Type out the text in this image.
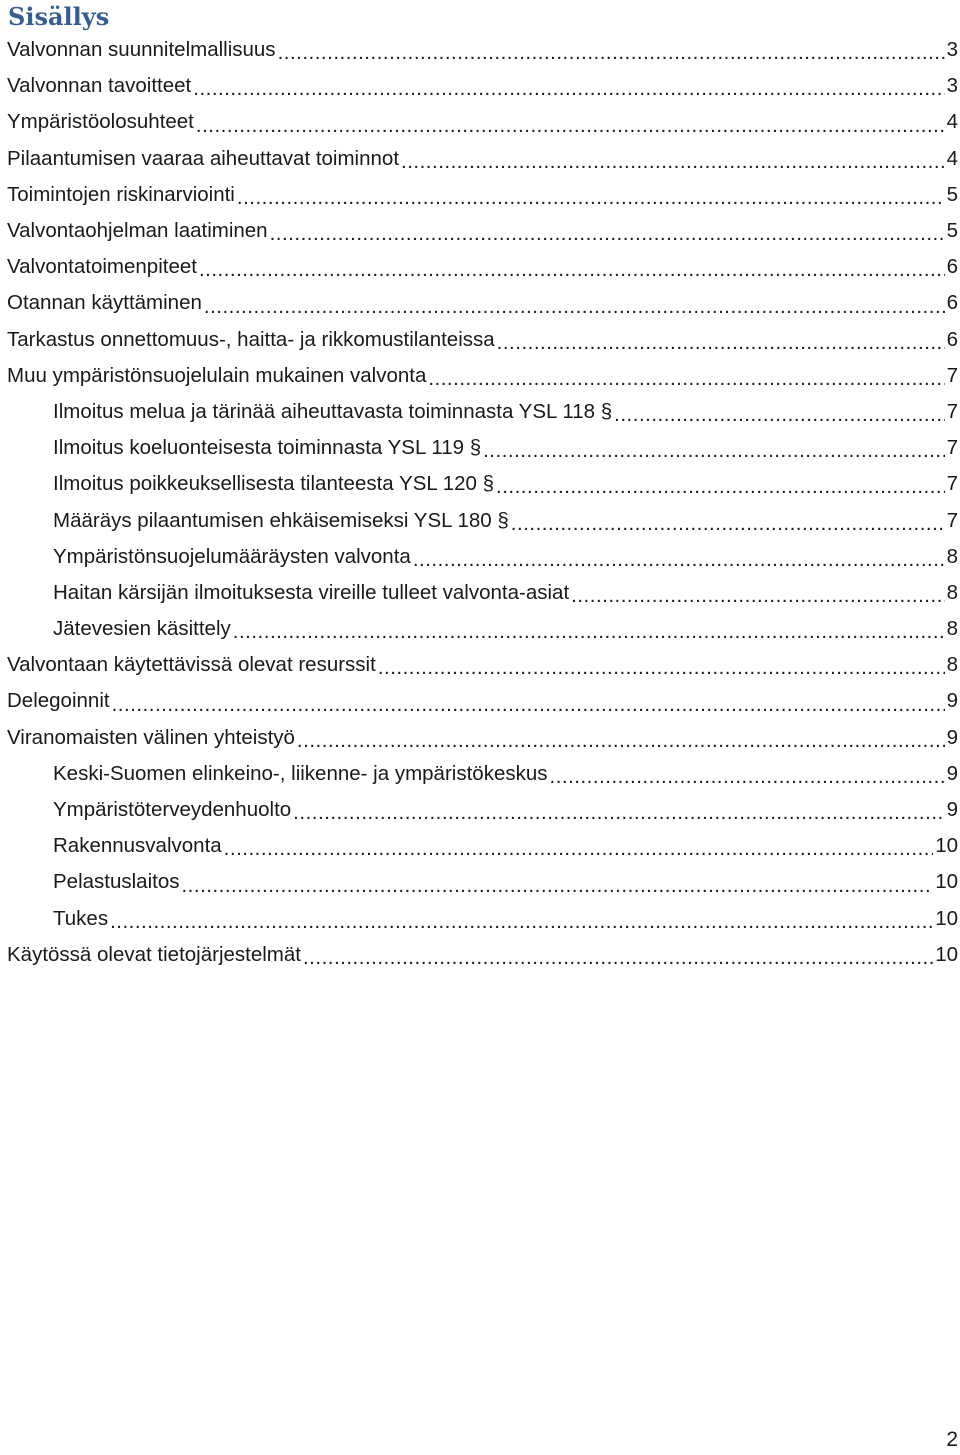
Sisällys
Valvonnan suunnitelmallisuus .....	3
Valvonnan tavoitteet .....	3
Ympäristöolosuhteet .....	4
Pilaantumisen vaaraa aiheuttavat toiminnot .....	4
Toimintojen riskinarviointi .....	5
Valvontaohjelman laatiminen .....	5
Valvontatoimenpiteet .....	6
Otannan käyttäminen .....	6
Tarkastus onnettomuus-, haitta- ja rikkomustilanteissa .....	6
Muu ympäristönsuojelulain mukainen valvonta .....	7
Ilmoitus melua ja tärinää aiheuttavasta toiminnasta YSL 118 § .....	7
Ilmoitus koeluonteisesta toiminnasta YSL 119 § .....	7
Ilmoitus poikkeuksellisesta tilanteesta YSL 120 § .....	7
Määräys pilaantumisen ehkäisemiseksi YSL 180 § .....	7
Ympäristönsuojelumääräysten valvonta .....	8
Haitan kärsijän ilmoituksesta vireille tulleet valvonta-asiat .....	8
Jätevesien käsittely .....	8
Valvontaan käytettävissä olevat resurssit .....	8
Delegoinnit .....	9
Viranomaisten välinen yhteistyö .....	9
Keski-Suomen elinkeino-, liikenne- ja ympäristökeskus .....	9
Ympäristöterveydenhuolto .....	9
Rakennusvalvonta .....	10
Pelastuslaitos .....	10
Tukes .....	10
Käytössä olevat tietojärjestelmät .....	10
2
